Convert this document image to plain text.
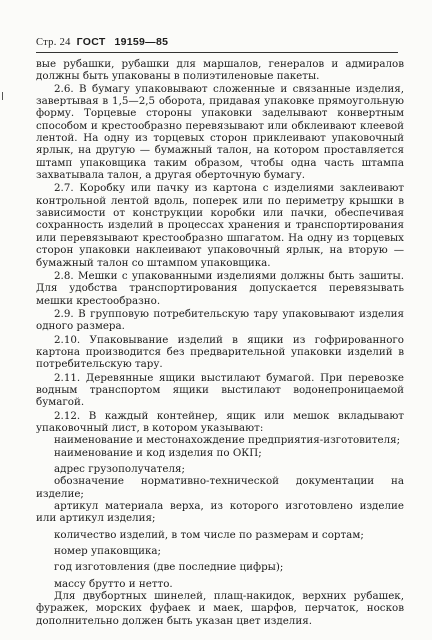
Стр. 24 ГОСТ 19159—85

вые рубашки, рубашки для маршалов, генералов и адмиралов должны быть упакованы в полиэтиленовые пакеты.

2.6. В бумагу упаковывают сложенные и связанные изделия, завертывая в 1,5—2,5 оборота, придавая упаковке прямоугольную форму. Торцевые стороны упаковки заделывают конвертным способом и крестообразно перевязывают или обклеивают клеевой лентой. На одну из торцевых сторон приклеивают упаковочный ярлык, на другую — бумажный талон, на котором проставляется штамп упаковщика таким образом, чтобы одна часть штампа захватывала талон, а другая оберточную бумагу.

2.7. Коробку или пачку из картона с изделиями заклеивают контрольной лентой вдоль, поперек или по периметру крышки в зависимости от конструкции коробки или пачки, обеспечивая сохранность изделий в процессах хранения и транспортирования или перевязывают крестообразно шпагатом. На одну из торцевых сторон упаковки наклеивают упаковочный ярлык, на вторую — бумажный талон со штампом упаковщика.

2.8. Мешки с упакованными изделиями должны быть зашиты. Для удобства транспортирования допускается перевязывать мешки крестообразно.

2.9. В групповую потребительскую тару упаковывают изделия одного размера.

2.10. Упаковывание изделий в ящики из гофрированного картона производится без предварительной упаковки изделий в потребительскую тару.

2.11. Деревянные ящики выстилают бумагой. При перевозке водным транспортом ящики выстилают водонепроницаемой бумагой.

2.12. В каждый контейнер, ящик или мешок вкладывают упаковочный лист, в котором указывают:

наименование и местонахождение предприятия-изготовителя;

наименование и код изделия по ОКП;

адрес грузополучателя;

обозначение нормативно-технической документации на изделие;

артикул материала верха, из которого изготовлено изделие или артикул изделия;

количество изделий, в том числе по размерам и сортам;

номер упаковщика;

год изготовления (две последние цифры);

массу брутто и нетто.

Для двубортных шинелей, плащ-накидок, верхних рубашек, фуражек, морских фуфаек и маек, шарфов, перчаток, носков дополнительно должен быть указан цвет изделия.
